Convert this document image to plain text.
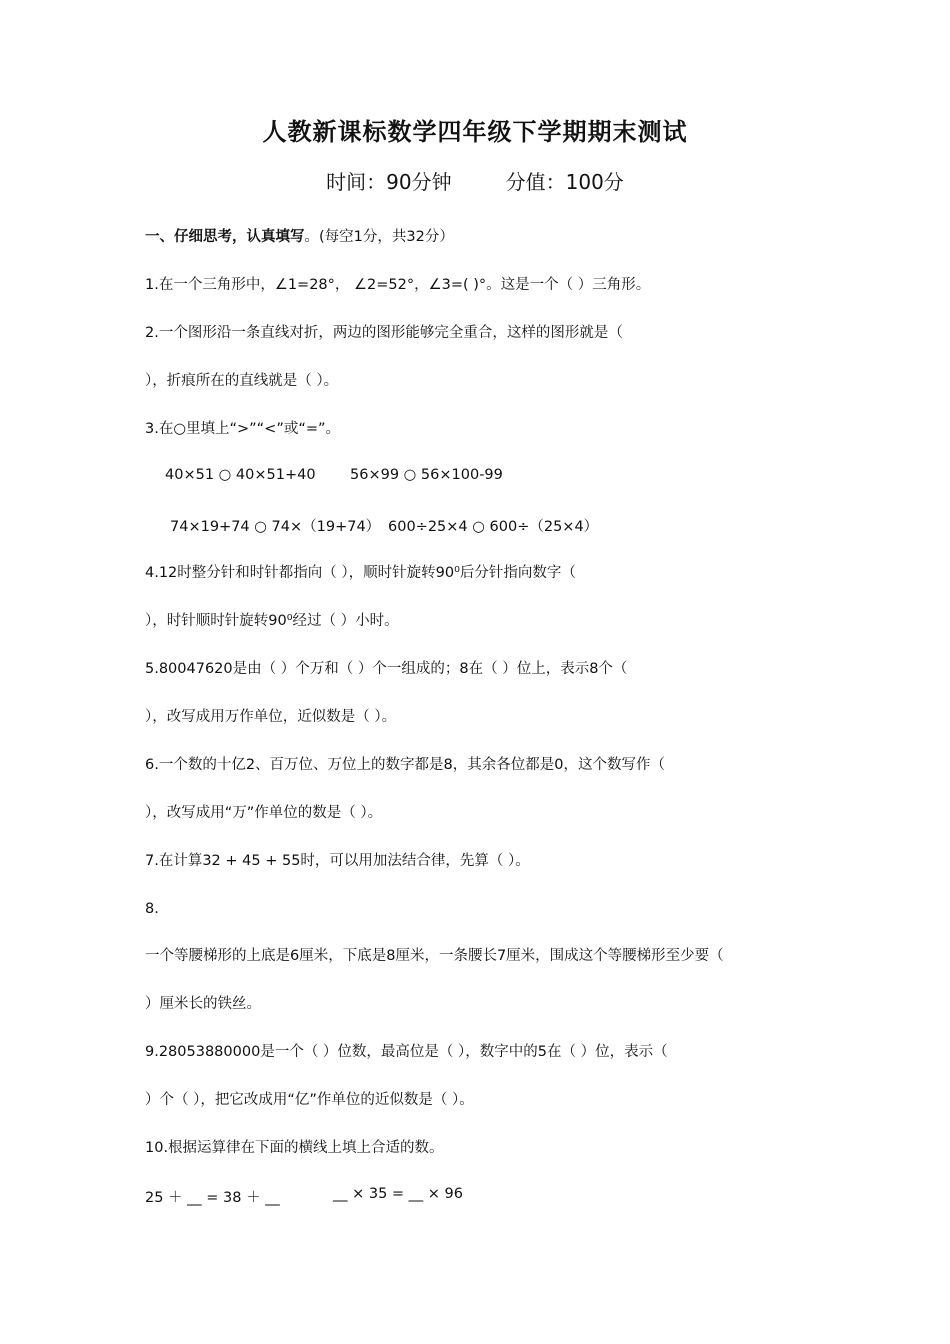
人教新课标数学四年级下学期期末测试
时间：90分钟	分值：100分
一、仔细思考，认真填写。(每空1分，共32分）
1.在一个三角形中，∠1=28°， ∠2=52°，∠3=( )°。这是一个（ ）三角形。
2.一个图形沿一条直线对折，两边的图形能够完全重合，这样的图形就是（
），折痕所在的直线就是（ ）。
3.在○里填上“>”“<”或“=”。
40×51 ○ 40×51+40 56×99 ○ 56×100-99
74×19+74 ○ 74×（19+74） 600÷25×4 ○ 600÷（25×4）
4.12时整分针和时针都指向（ ），顺时针旋转90⁰后分针指向数字（
），时针顺时针旋转90⁰经过（ ）小时。
5.80047620是由（ ）个万和（ ）个一组成的；8在（ ）位上，表示8个（
），改写成用万作单位，近似数是（ ）。
6.一个数的十亿2、百万位、万位上的数字都是8，其余各位都是0，这个数写作（
），改写成用“万”作单位的数是（ ）。
7.在计算32 + 45 + 55时，可以用加法结合律，先算（ ）。
8.
一个等腰梯形的上底是6厘米，下底是8厘米，一条腰长7厘米，围成这个等腰梯形至少要（
）厘米长的铁丝。
9.28053880000是一个（ ）位数，最高位是（ ），数字中的5在（ ）位，表示（
）个（ ），把它改成用“亿”作单位的近似数是（ ）。
10.根据运算律在下面的横线上填上合适的数。
25 ＋ __ = 38 ＋ __	__ × 35 = __ × 96
